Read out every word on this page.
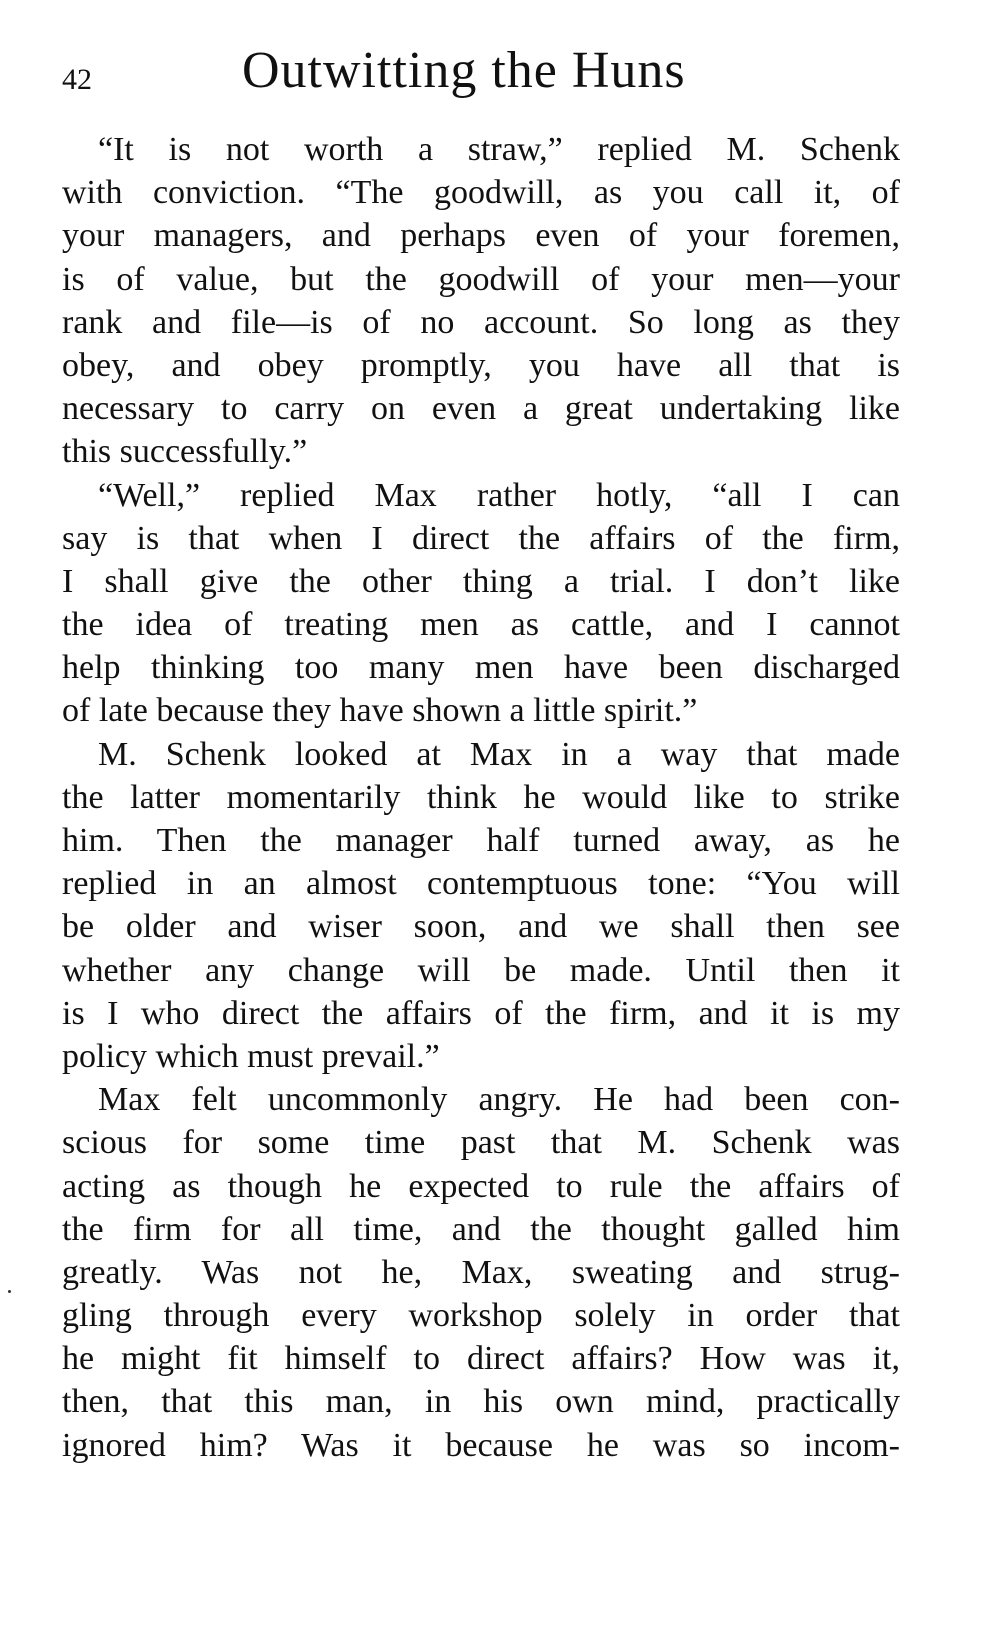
42	Outwitting the Huns
“It is not worth a straw,” replied M. Schenk
with conviction. “The goodwill, as you call it, of
your managers, and perhaps even of your foremen,
is of value, but the goodwill of your men—your
rank and file—is of no account. So long as they
obey, and obey promptly, you have all that is
necessary to carry on even a great undertaking like
this successfully.”
“Well,” replied Max rather hotly, “all I can
say is that when I direct the affairs of the firm,
I shall give the other thing a trial. I don’t like
the idea of treating men as cattle, and I cannot
help thinking too many men have been discharged
of late because they have shown a little spirit.”
M. Schenk looked at Max in a way that made
the latter momentarily think he would like to strike
him. Then the manager half turned away, as he
replied in an almost contemptuous tone: “You will
be older and wiser soon, and we shall then see
whether any change will be made. Until then it
is I who direct the affairs of the firm, and it is my
policy which must prevail.”
Max felt uncommonly angry. He had been con-
scious for some time past that M. Schenk was
acting as though he expected to rule the affairs of
the firm for all time, and the thought galled him
greatly. Was not he, Max, sweating and strug-
gling through every workshop solely in order that
he might fit himself to direct affairs? How was it,
then, that this man, in his own mind, practically
ignored him? Was it because he was so incom-
